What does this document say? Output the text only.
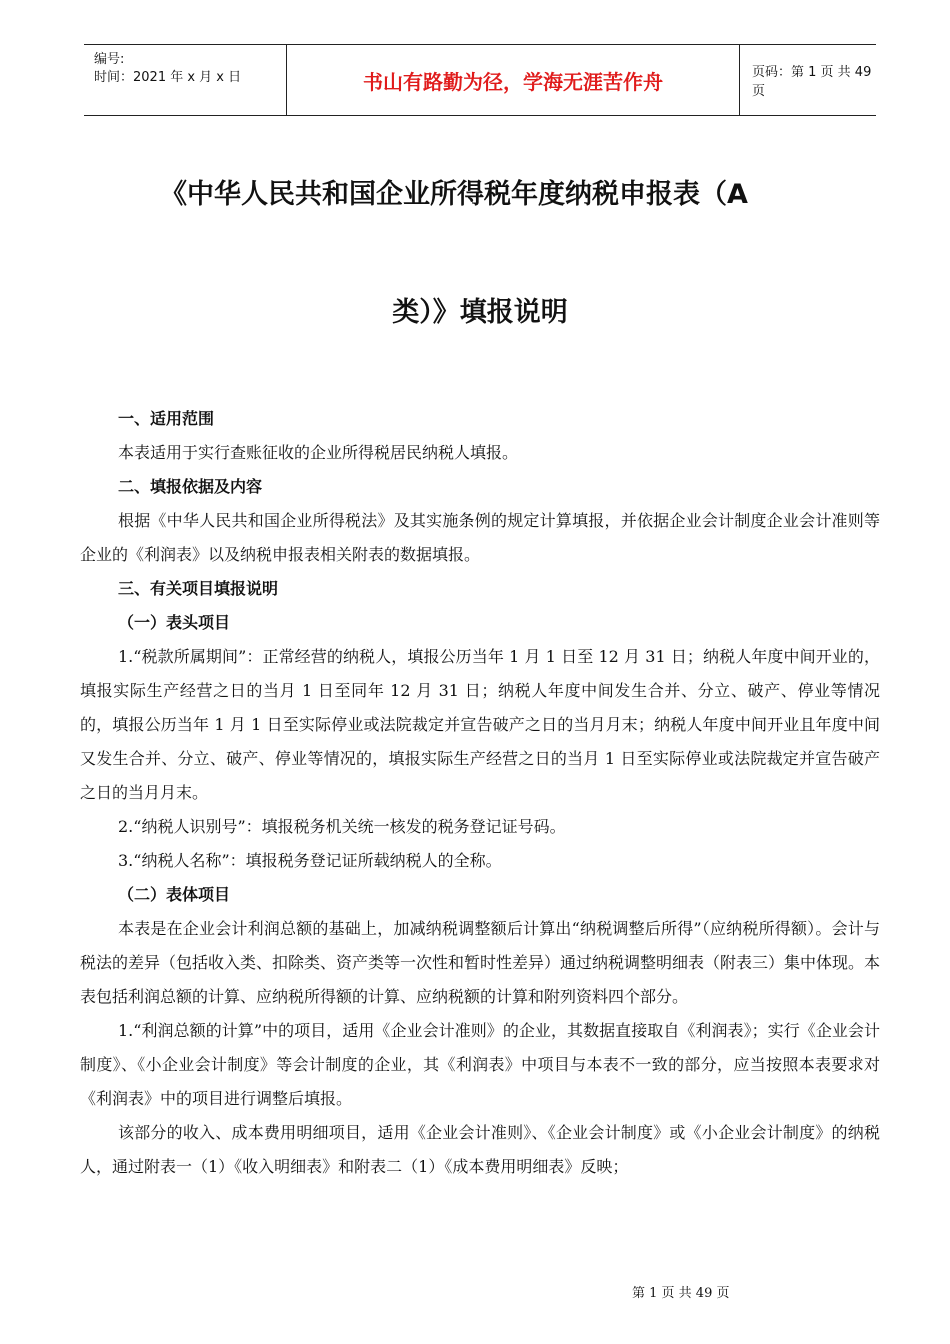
编号:
时间：2021 年 x 月 x 日	书山有路勤为径，学海无涯苦作舟	页码：第 1 页 共 49 页
《中华人民共和国企业所得税年度纳税申报表（A
类）》填报说明

一、适用范围

本表适用于实行查账征收的企业所得税居民纳税人填报。

二、填报依据及内容

根据《中华人民共和国企业所得税法》及其实施条例的规定计算填报，并依据企业会计制度企业会计准则等企业的《利润表》以及纳税申报表相关附表的数据填报。

三、有关项目填报说明

（一）表头项目

1.“税款所属期间”：正常经营的纳税人，填报公历当年 1 月 1 日至 12 月 31 日；纳税人年度中间开业的，填报实际生产经营之日的当月 1 日至同年 12 月 31 日；纳税人年度中间发生合并、分立、破产、停业等情况的，填报公历当年 1 月 1 日至实际停业或法院裁定并宣告破产之日的当月月末；纳税人年度中间开业且年度中间又发生合并、分立、破产、停业等情况的，填报实际生产经营之日的当月 1 日至实际停业或法院裁定并宣告破产之日的当月月末。

2.“纳税人识别号”：填报税务机关统一核发的税务登记证号码。

3.“纳税人名称”：填报税务登记证所载纳税人的全称。

（二）表体项目

本表是在企业会计利润总额的基础上，加减纳税调整额后计算出“纳税调整后所得”（应纳税所得额）。会计与税法的差异（包括收入类、扣除类、资产类等一次性和暂时性差异）通过纳税调整明细表（附表三）集中体现。本表包括利润总额的计算、应纳税所得额的计算、应纳税额的计算和附列资料四个部分。

1.“利润总额的计算”中的项目，适用《企业会计准则》的企业，其数据直接取自《利润表》；实行《企业会计制度》、《小企业会计制度》等会计制度的企业，其《利润表》中项目与本表不一致的部分，应当按照本表要求对《利润表》中的项目进行调整后填报。

该部分的收入、成本费用明细项目，适用《企业会计准则》、《企业会计制度》或《小企业会计制度》的纳税人，通过附表一（1）《收入明细表》和附表二（1）《成本费用明细表》反映；

第 1 页 共 49 页
